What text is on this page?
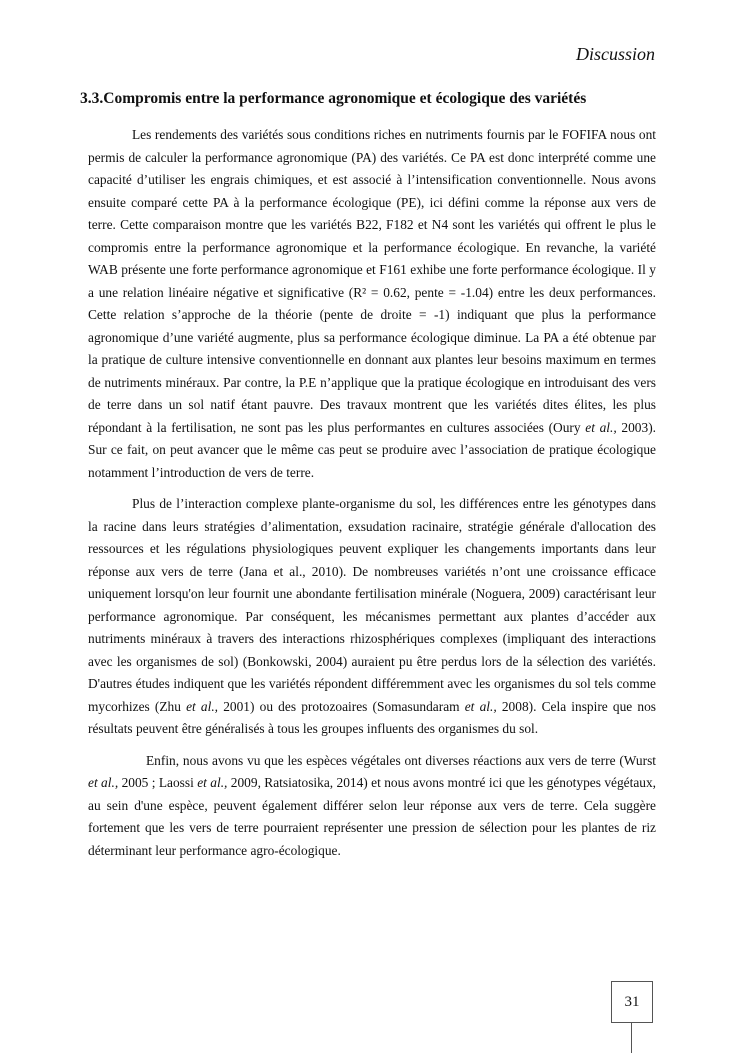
Discussion
3.3.Compromis entre la performance agronomique et écologique des variétés

Les rendements des variétés sous conditions riches en nutriments fournis par le FOFIFA nous ont permis de calculer la performance agronomique (PA) des variétés. Ce PA est donc interprété comme une capacité d’utiliser les engrais chimiques, et est associé à l’intensification conventionnelle. Nous avons ensuite comparé cette PA à la performance écologique (PE), ici défini comme la réponse aux vers de terre. Cette comparaison montre que les variétés B22, F182 et N4 sont les variétés qui offrent le plus le compromis entre la performance agronomique et la performance écologique. En revanche, la variété WAB présente une forte performance agronomique et F161 exhibe une forte performance écologique. Il y a une relation linéaire négative et significative (R² = 0.62, pente = -1.04) entre les deux performances. Cette relation s’approche de la théorie (pente de droite = -1) indiquant que plus la performance agronomique d’une variété augmente, plus sa performance écologique diminue. La PA a été obtenue par la pratique de culture intensive conventionnelle en donnant aux plantes leur besoins maximum en termes de nutriments minéraux. Par contre, la P.E n’applique que la pratique écologique en introduisant des vers de terre dans un sol natif étant pauvre. Des travaux montrent que les variétés dites élites, les plus répondant à la fertilisation, ne sont pas les plus performantes en cultures associées (Oury et al., 2003). Sur ce fait, on peut avancer que le même cas peut se produire avec l’association de pratique écologique notamment l’introduction de vers de terre.

Plus de l’interaction complexe plante-organisme du sol, les différences entre les génotypes dans la racine dans leurs stratégies d’alimentation, exsudation racinaire, stratégie générale d'allocation des ressources et les régulations physiologiques peuvent expliquer les changements importants dans leur réponse aux vers de terre (Jana et al., 2010). De nombreuses variétés n’ont une croissance efficace uniquement lorsqu'on leur fournit une abondante fertilisation minérale (Noguera, 2009) caractérisant leur performance agronomique. Par conséquent, les mécanismes permettant aux plantes d’accéder aux nutriments minéraux à travers des interactions rhizosphériques complexes (impliquant des interactions avec les organismes de sol) (Bonkowski, 2004) auraient pu être perdus lors de la sélection des variétés. D'autres études indiquent que les variétés répondent différemment avec les organismes du sol tels comme mycorhizes (Zhu et al., 2001) ou des protozoaires (Somasundaram et al., 2008). Cela inspire que nos résultats peuvent être généralisés à tous les groupes influents des organismes du sol.

Enfin, nous avons vu que les espèces végétales ont diverses réactions aux vers de terre (Wurst et al., 2005 ; Laossi et al., 2009, Ratsiatosika, 2014) et nous avons montré ici que les génotypes végétaux, au sein d'une espèce, peuvent également différer selon leur réponse aux vers de terre. Cela suggère fortement que les vers de terre pourraient représenter une pression de sélection pour les plantes de riz déterminant leur performance agro-écologique.

31
